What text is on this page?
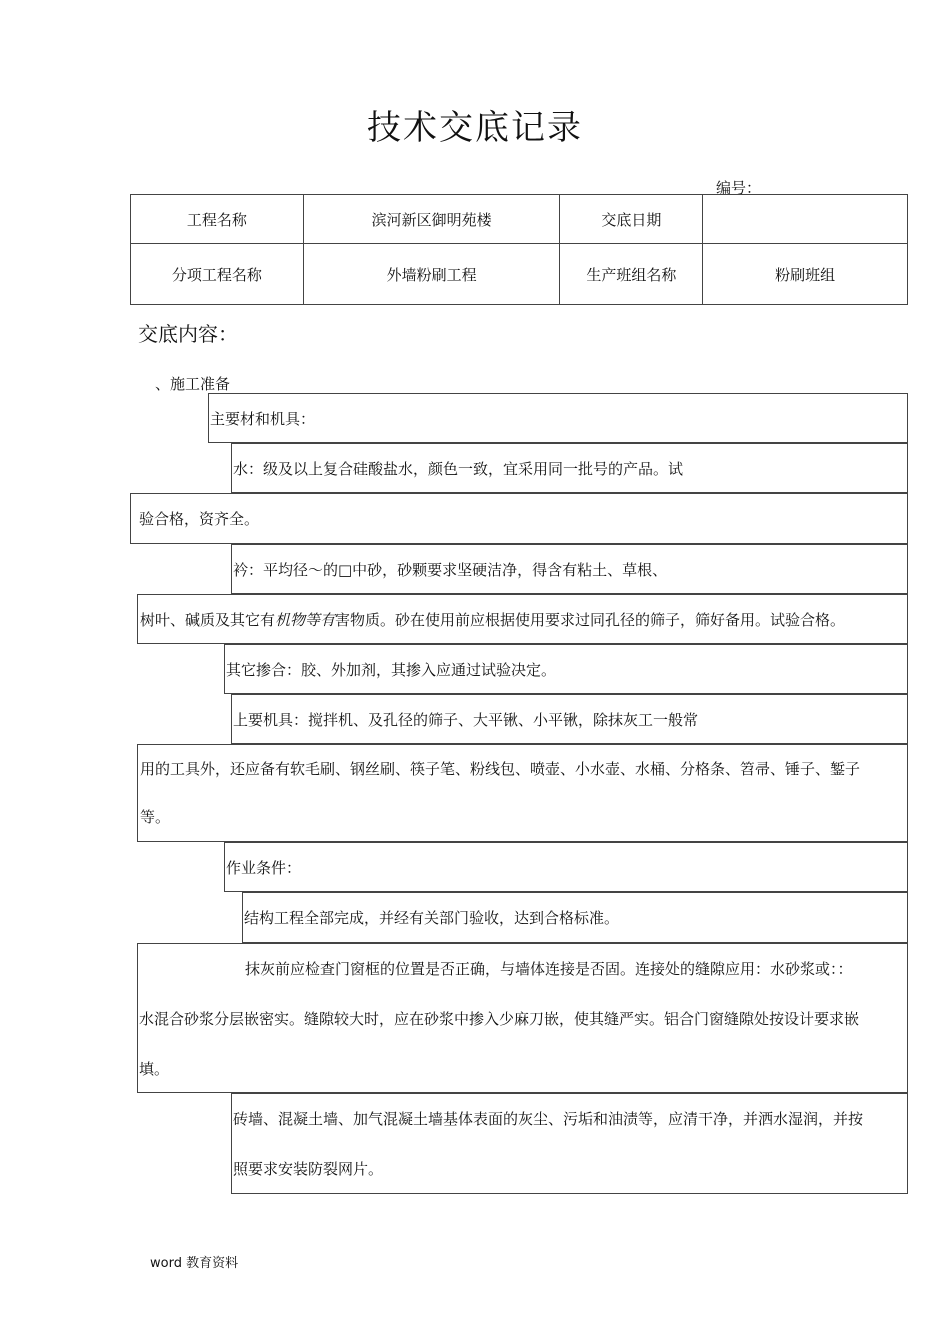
技术交底记录
编号：
工程名称	滨河新区御明苑楼	交底日期	
分项工程名称	外墙粉刷工程	生产班组名称	粉刷班组
交底内容：
、施工准备
主要材和机具：
水：级及以上复合硅酸盐水，颜色一致，宜采用同一批号的产品。试
验合格，资齐全。
衿：平均径～的□中砂，砂颗要求坚硬洁净，得含有粘土、草根、
树叶、碱质及其它有机物等有害物质。砂在使用前应根据使用要求过同孔径的筛子，筛好备用。试验合格。
其它掺合：胶、外加剂，其掺入应通过试验决定。
上要机具：搅拌机、及孔径的筛子、大平锹、小平锹，除抹灰工一般常
用的工具外，还应备有软毛刷、钢丝刷、筷子笔、粉线包、喷壶、小水壶、水桶、分格条、笤帚、锤子、錾子
等。
作业条件：
结构工程全部完成，并经有关部门验收，达到合格标准。
抹灰前应检查门窗框的位置是否正确，与墙体连接是否固。连接处的缝隙应用：水砂浆或：：
水混合砂浆分层嵌密实。缝隙较大时，应在砂浆中掺入少麻刀嵌，使其缝严实。铝合门窗缝隙处按设计要求嵌
填。
砖墙、混凝土墙、加气混凝土墙基体表面的灰尘、污垢和油渍等，应清干净，并洒水湿润，并按
照要求安装防裂网片。
word 教育资料
